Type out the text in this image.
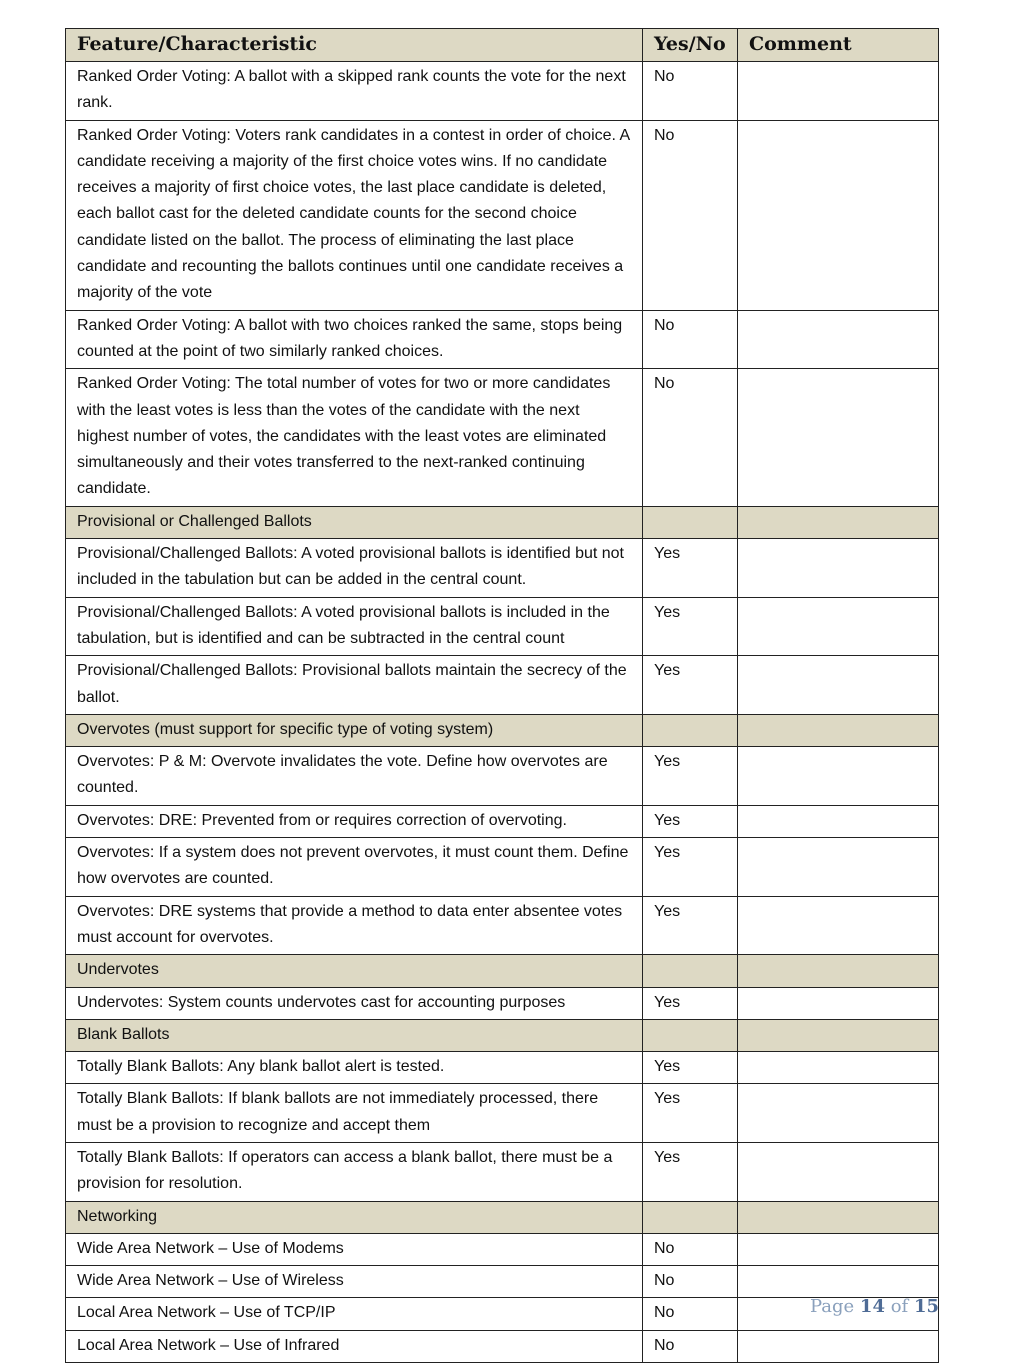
Feature/Characteristic	Yes/No	Comment
Ranked Order Voting: A ballot with a skipped rank counts the vote for the next rank.	No	
Ranked Order Voting: Voters rank candidates in a contest in order of choice. A candidate receiving a majority of the first choice votes wins. If no candidate receives a majority of first choice votes, the last place candidate is deleted, each ballot cast for the deleted candidate counts for the second choice candidate listed on the ballot. The process of eliminating the last place candidate and recounting the ballots continues until one candidate receives a majority of the vote	No	
Ranked Order Voting: A ballot with two choices ranked the same, stops being counted at the point of two similarly ranked choices.	No	
Ranked Order Voting: The total number of votes for two or more candidates with the least votes is less than the votes of the candidate with the next highest number of votes, the candidates with the least votes are eliminated simultaneously and their votes transferred to the next-ranked continuing candidate.	No	
Provisional or Challenged Ballots		
Provisional/Challenged Ballots: A voted provisional ballots is identified but not included in the tabulation but can be added in the central count.	Yes	
Provisional/Challenged Ballots: A voted provisional ballots is included in the tabulation, but is identified and can be subtracted in the central count	Yes	
Provisional/Challenged Ballots: Provisional ballots maintain the secrecy of the ballot.	Yes	
Overvotes (must support for specific type of voting system)		
Overvotes: P & M: Overvote invalidates the vote. Define how overvotes are counted.	Yes	
Overvotes: DRE: Prevented from or requires correction of overvoting.	Yes	
Overvotes: If a system does not prevent overvotes, it must count them. Define how overvotes are counted.	Yes	
Overvotes: DRE systems that provide a method to data enter absentee votes must account for overvotes.	Yes	
Undervotes		
Undervotes: System counts undervotes cast for accounting purposes	Yes	
Blank Ballots		
Totally Blank Ballots: Any blank ballot alert is tested.	Yes	
Totally Blank Ballots: If blank ballots are not immediately processed, there must be a provision to recognize and accept them	Yes	
Totally Blank Ballots: If operators can access a blank ballot, there must be a provision for resolution.	Yes	
Networking		
Wide Area Network – Use of Modems	No	
Wide Area Network – Use of Wireless	No	
Local Area Network – Use of TCP/IP	No	
Local Area Network – Use of Infrared	No	
Page 14 of 15
